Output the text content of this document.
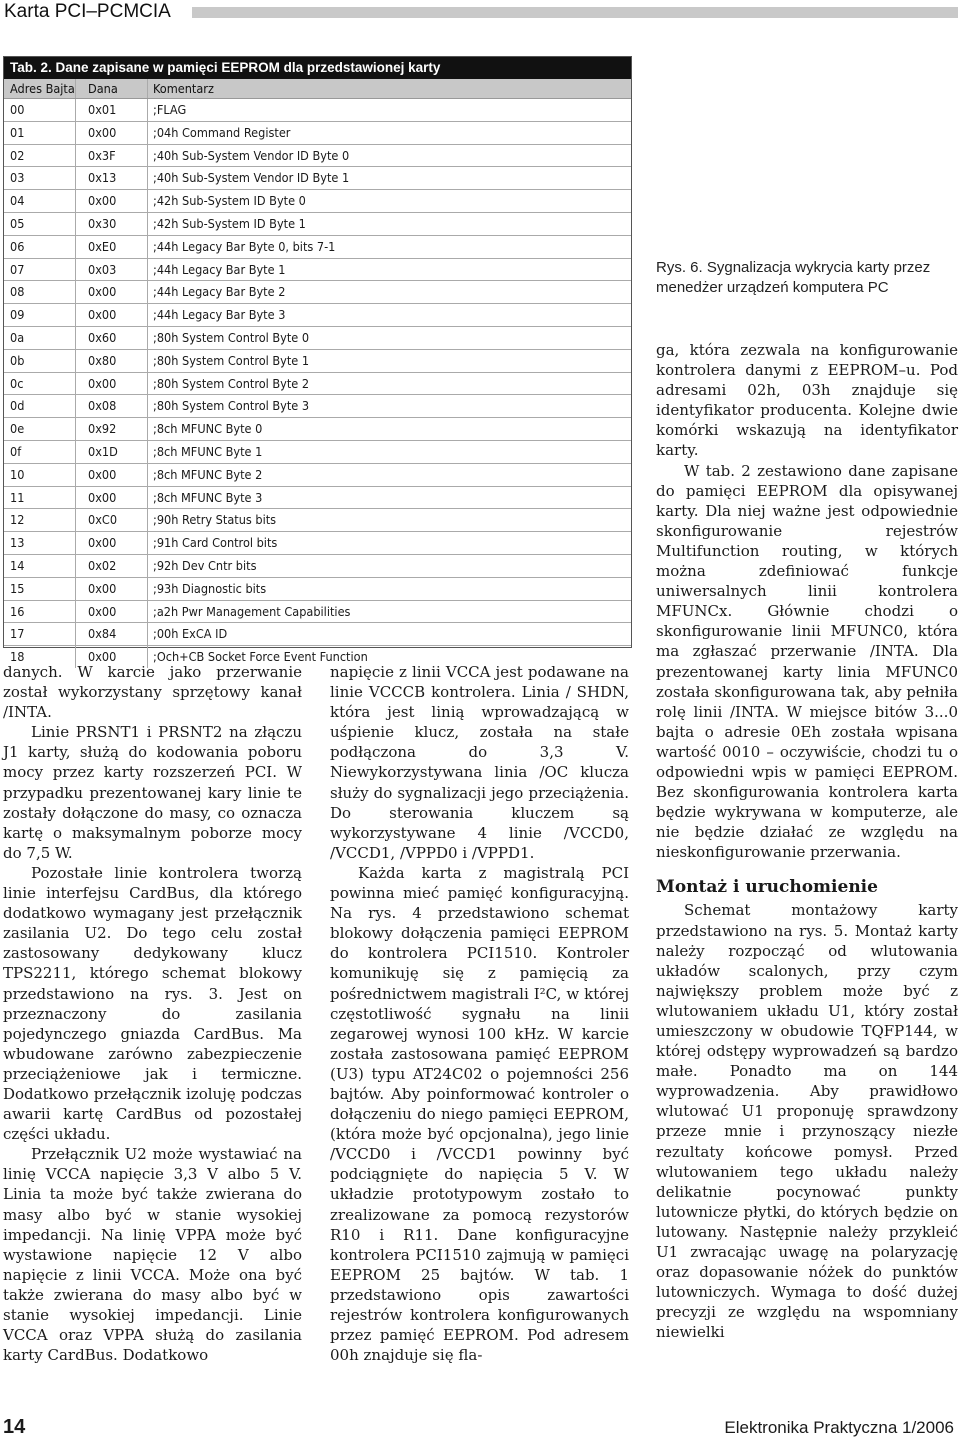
Karta PCI–PCMCIA
Tab. 2. Dane zapisane w pamięci EEPROM dla przedstawionej karty
Adres Bajta	Dana	Komentarz
00	0x01	;FLAG
01	0x00	;04h Command Register
02	0x3F	;40h Sub-System Vendor ID Byte 0
03	0x13	;40h Sub-System Vendor ID Byte 1
04	0x00	;42h Sub-System ID Byte 0
05	0x30	;42h Sub-System ID Byte 1
06	0xE0	;44h Legacy Bar Byte 0, bits 7-1
07	0x03	;44h Legacy Bar Byte 1
08	0x00	;44h Legacy Bar Byte 2
09	0x00	;44h Legacy Bar Byte 3
0a	0x60	;80h System Control Byte 0
0b	0x80	;80h System Control Byte 1
0c	0x00	;80h System Control Byte 2
0d	0x08	;80h System Control Byte 3
0e	0x92	;8ch MFUNC Byte 0
0f	0x1D	;8ch MFUNC Byte 1
10	0x00	;8ch MFUNC Byte 2
11	0x00	;8ch MFUNC Byte 3
12	0xC0	;90h Retry Status bits
13	0x00	;91h Card Control bits
14	0x02	;92h Dev Cntr bits
15	0x00	;93h Diagnostic bits
16	0x00	;a2h Pwr Management Capabilities
17	0x84	;00h ExCA ID
18	0x00	;Och+CB Socket Force Event Function
Rys. 6. Sygnalizacja wykrycia karty przez menedżer urządzeń komputera PC

danych. W karcie jako przerwanie został wykorzystany sprzętowy kanał /INTA.

Linie PRSNT1 i PRSNT2 na złączu J1 karty, służą do kodowania poboru mocy przez karty rozszerzeń PCI. W przypadku prezentowanej kary linie te zostały dołączone do masy, co oznacza kartę o maksymalnym poborze mocy do 7,5 W.

Pozostałe linie kontrolera tworzą linie interfejsu CardBus, dla którego dodatkowo wymagany jest przełącznik zasilania U2. Do tego celu został zastosowany dedykowany klucz TPS2211, którego schemat blokowy przedstawiono na rys. 3. Jest on przeznaczony do zasilania pojedynczego gniazda CardBus. Ma wbudowane zarówno zabezpieczenie przeciążeniowe jak i termiczne. Dodatkowo przełącznik izoluję podczas awarii kartę CardBus od pozostałej części układu.

Przełącznik U2 może wystawiać na linię VCCA napięcie 3,3 V albo 5 V. Linia ta może być także zwierana do masy albo być w stanie wysokiej impedancji. Na linię VPPA może być wystawione napięcie 12 V albo napięcie z linii VCCA. Może ona być także zwierana do masy albo być w stanie wysokiej impedancji. Linie VCCA oraz VPPA służą do zasilania karty CardBus. Dodatkowo

napięcie z linii VCCA jest podawane na linie VCCCB kontrolera. Linia / SHDN, która jest linią wprowadzającą w uśpienie klucz, została na stałe podłączona do 3,3 V. Niewykorzystywana linia /OC klucza służy do sygnalizacji jego przeciążenia. Do sterowania kluczem są wykorzystywane 4 linie /VCCD0, /VCCD1, /VPPD0 i /VPPD1.

Każda karta z magistralą PCI powinna mieć pamięć konfiguracyjną. Na rys. 4 przedstawiono schemat blokowy dołączenia pamięci EEPROM do kontrolera PCI1510. Kontroler komunikuję się z pamięcią za pośrednictwem magistrali I²C, w której częstotliwość sygnału na linii zegarowej wynosi 100 kHz. W karcie została zastosowana pamięć EEPROM (U3) typu AT24C02 o pojemności 256 bajtów. Aby poinformować kontroler o dołączeniu do niego pamięci EEPROM, (która może być opcjonalna), jego linie /VCCD0 i /VCCD1 powinny być podciągnięte do napięcia 5 V. W układzie prototypowym zostało to zrealizowane za pomocą rezystorów R10 i R11. Dane konfiguracyjne kontrolera PCI1510 zajmują w pamięci EEPROM 25 bajtów. W tab. 1 przedstawiono opis zawartości rejestrów kontrolera konfigurowanych przez pamięć EEPROM. Pod adresem 00h znajduje się fla-

ga, która zezwala na konfigurowanie kontrolera danymi z EEPROM–u. Pod adresami 02h, 03h znajduje się identyfikator producenta. Kolejne dwie komórki wskazują na identyfikator karty.

W tab. 2 zestawiono dane zapisane do pamięci EEPROM dla opisywanej karty. Dla niej ważne jest odpowiednie skonfigurowanie rejestrów Multifunction routing, w których można zdefiniować funkcje uniwersalnych linii kontrolera MFUNCx. Głównie chodzi o skonfigurowanie linii MFUNC0, która ma zgłaszać przerwanie /INTA. Dla prezentowanej karty linia MFUNC0 została skonfigurowana tak, aby pełniła rolę linii /INTA. W miejsce bitów 3...0 bajta o adresie 0Eh została wpisana wartość 0010 – oczywiście, chodzi tu o odpowiedni wpis w pamięci EEPROM. Bez skonfigurowania kontrolera karta będzie wykrywana w komputerze, ale nie będzie działać ze względu na nieskonfigurowanie przerwania.

Montaż i uruchomienie

Schemat montażowy karty przedstawiono na rys. 5. Montaż karty należy rozpocząć od wlutowania układów scalonych, przy czym największy problem może być z wlutowaniem układu U1, który został umieszczony w obudowie TQFP144, w której odstępy wyprowadzeń są bardzo małe. Ponadto ma on 144 wyprowadzenia. Aby prawidłowo wlutować U1 proponuję sprawdzony przeze mnie i przynoszący niezłe rezultaty końcowe pomysł. Przed wlutowaniem tego układu należy delikatnie pocynować punkty lutownicze płytki, do których będzie on lutowany. Następnie należy przykleić U1 zwracając uwagę na polaryzację oraz dopasowanie nóżek do punktów lutowniczych. Wymaga to dość dużej precyzji ze względu na wspomniany niewielki

14	Elektronika Praktyczna 1/2006
